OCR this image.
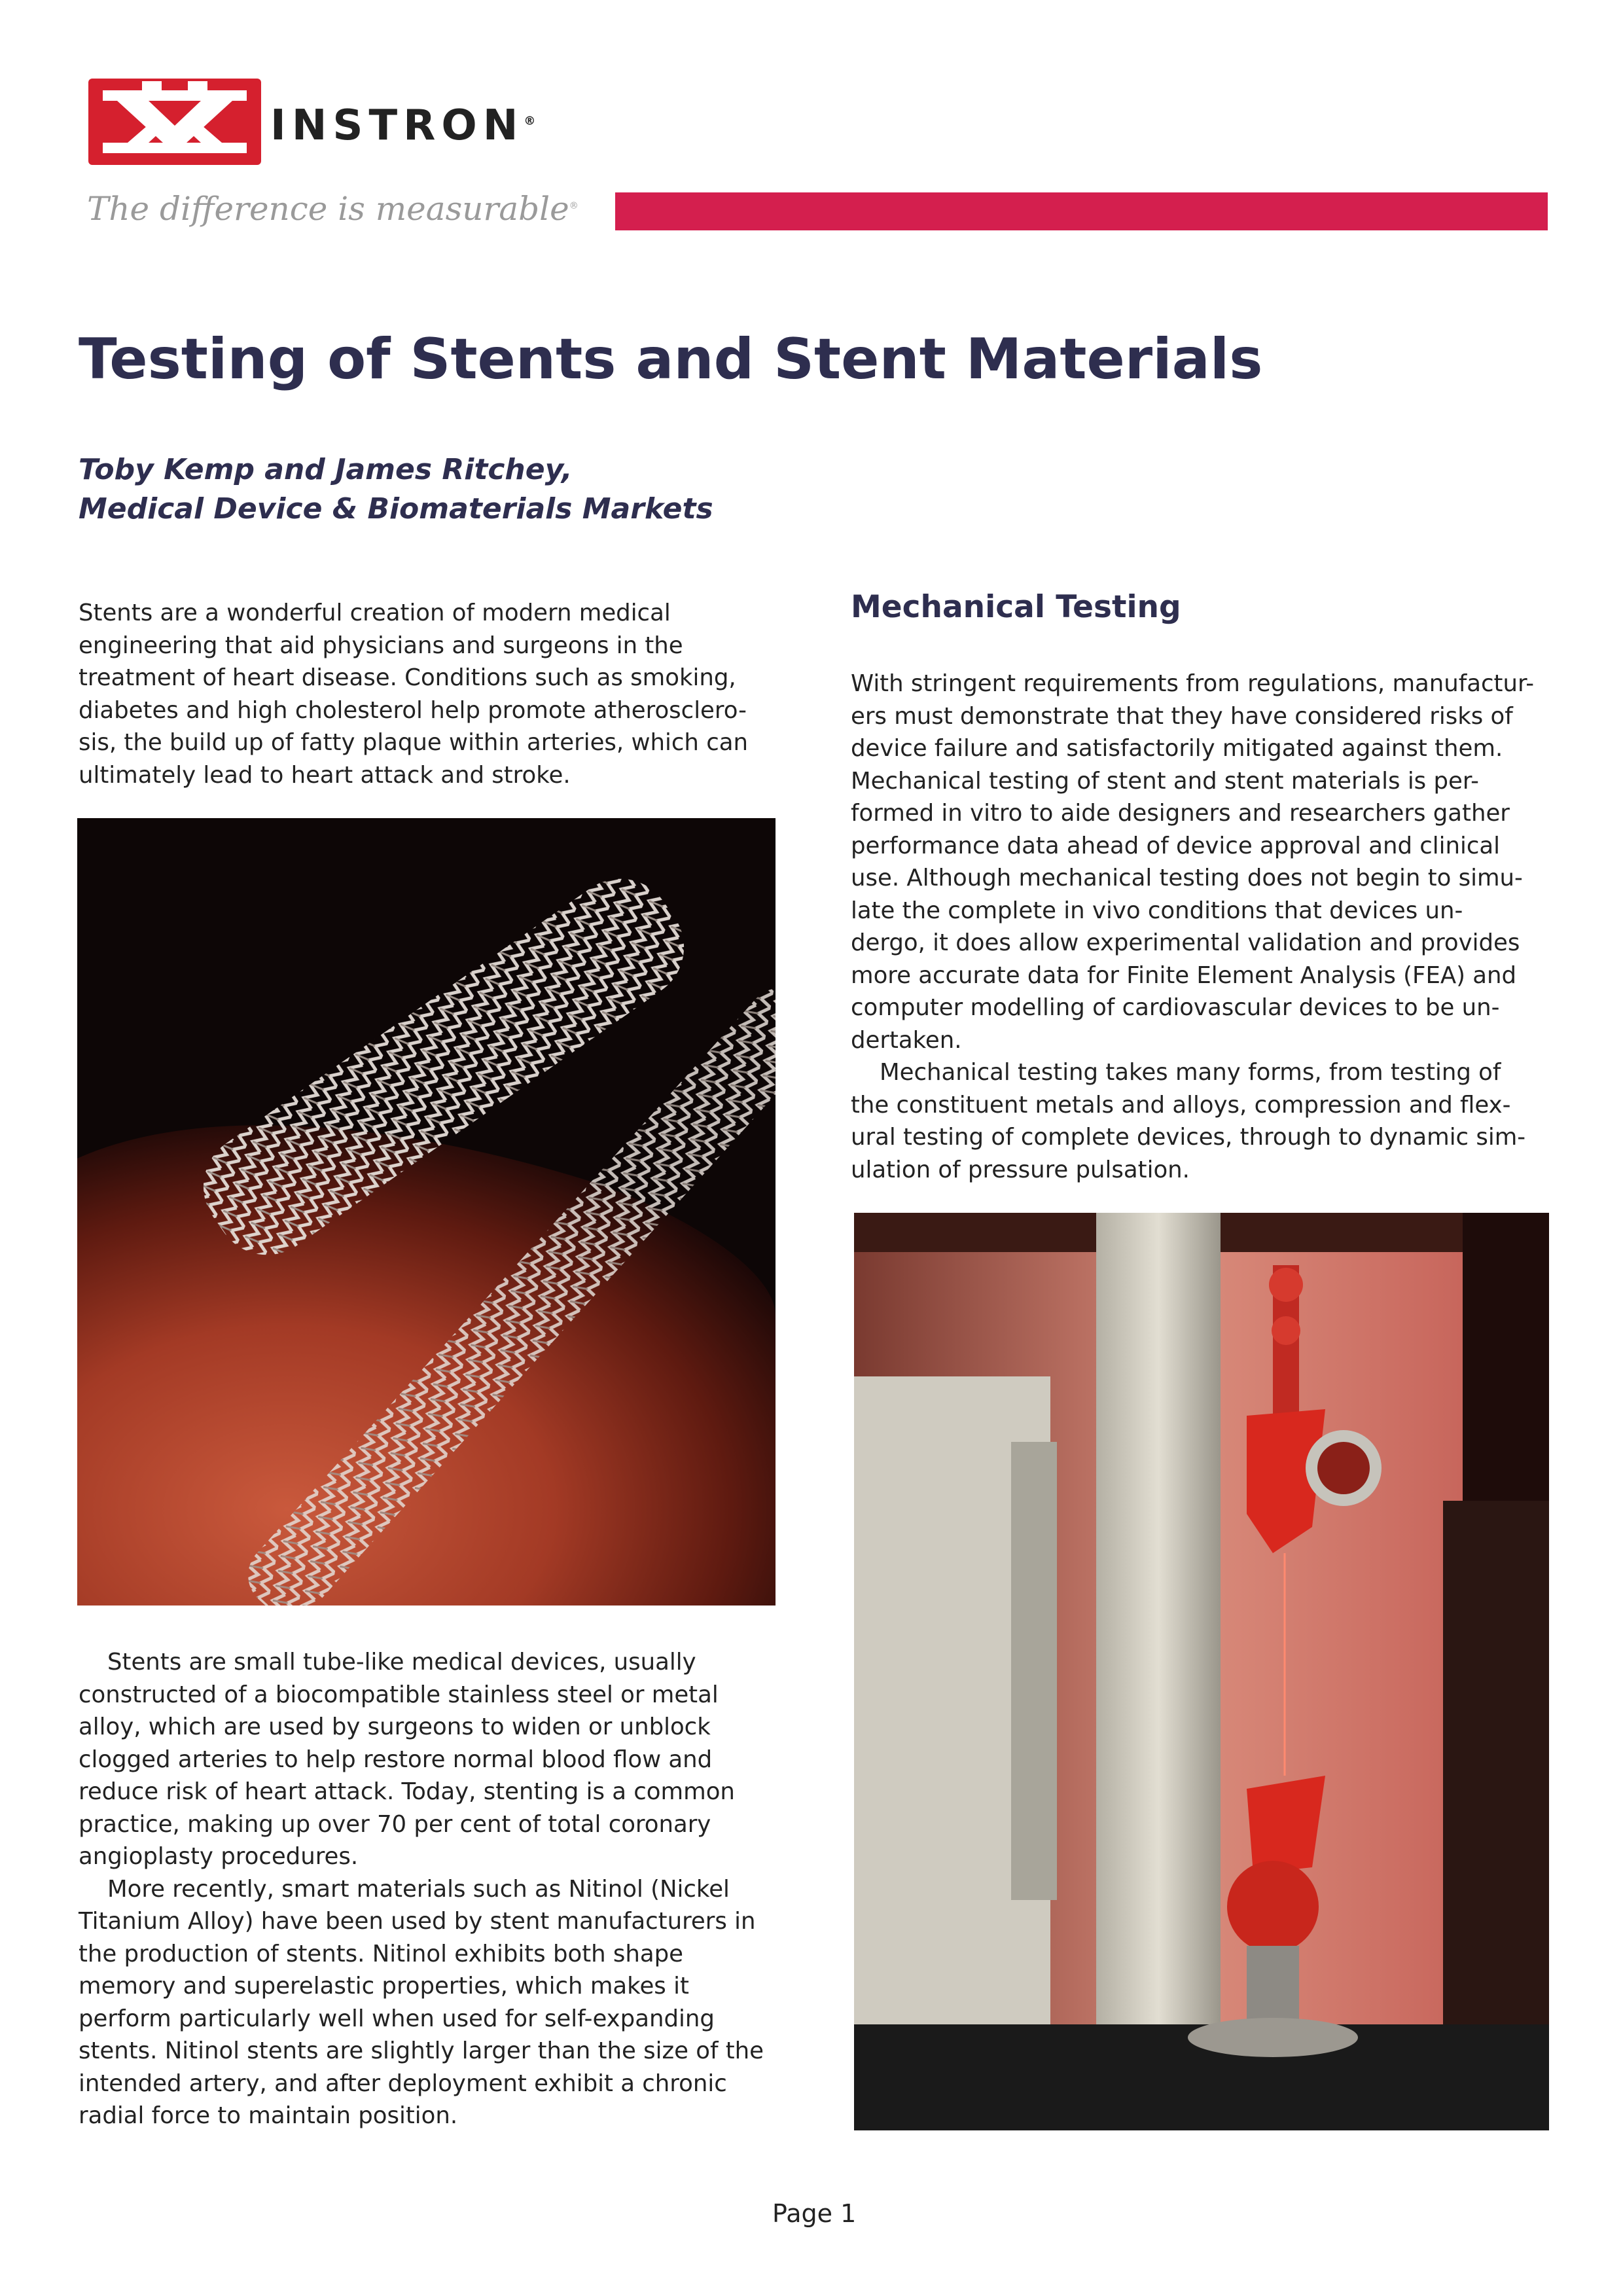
INSTRON®
The difference is measurable®
Testing of Stents and Stent Materials
Toby Kemp and James Ritchey,
Medical Device & Biomaterials Markets
Stents are a wonderful creation of modern medical
engineering that aid physicians and surgeons in the
treatment of heart disease. Conditions such as smoking,
diabetes and high cholesterol help promote atherosclero-
sis, the build up of fatty plaque within arteries, which can
ultimately lead to heart attack and stroke.
Stents are small tube-like medical devices, usually
constructed of a biocompatible stainless steel or metal
alloy, which are used by surgeons to widen or unblock
clogged arteries to help restore normal blood flow and
reduce risk of heart attack. Today, stenting is a common
practice, making up over 70 per cent of total coronary
angioplasty procedures.
More recently, smart materials such as Nitinol (Nickel
Titanium Alloy) have been used by stent manufacturers in
the production of stents. Nitinol exhibits both shape
memory and superelastic properties, which makes it
perform particularly well when used for self-expanding
stents. Nitinol stents are slightly larger than the size of the
intended artery, and after deployment exhibit a chronic
radial force to maintain position.
Mechanical Testing
With stringent requirements from regulations, manufactur-
ers must demonstrate that they have considered risks of
device failure and satisfactorily mitigated against them.
Mechanical testing of stent and stent materials is per-
formed in vitro to aide designers and researchers gather
performance data ahead of device approval and clinical
use. Although mechanical testing does not begin to simu-
late the complete in vivo conditions that devices un-
dergo, it does allow experimental validation and provides
more accurate data for Finite Element Analysis (FEA) and
computer modelling of cardiovascular devices to be un-
dertaken.
Mechanical testing takes many forms, from testing of
the constituent metals and alloys, compression and flex-
ural testing of complete devices, through to dynamic sim-
ulation of pressure pulsation.
Page 1
